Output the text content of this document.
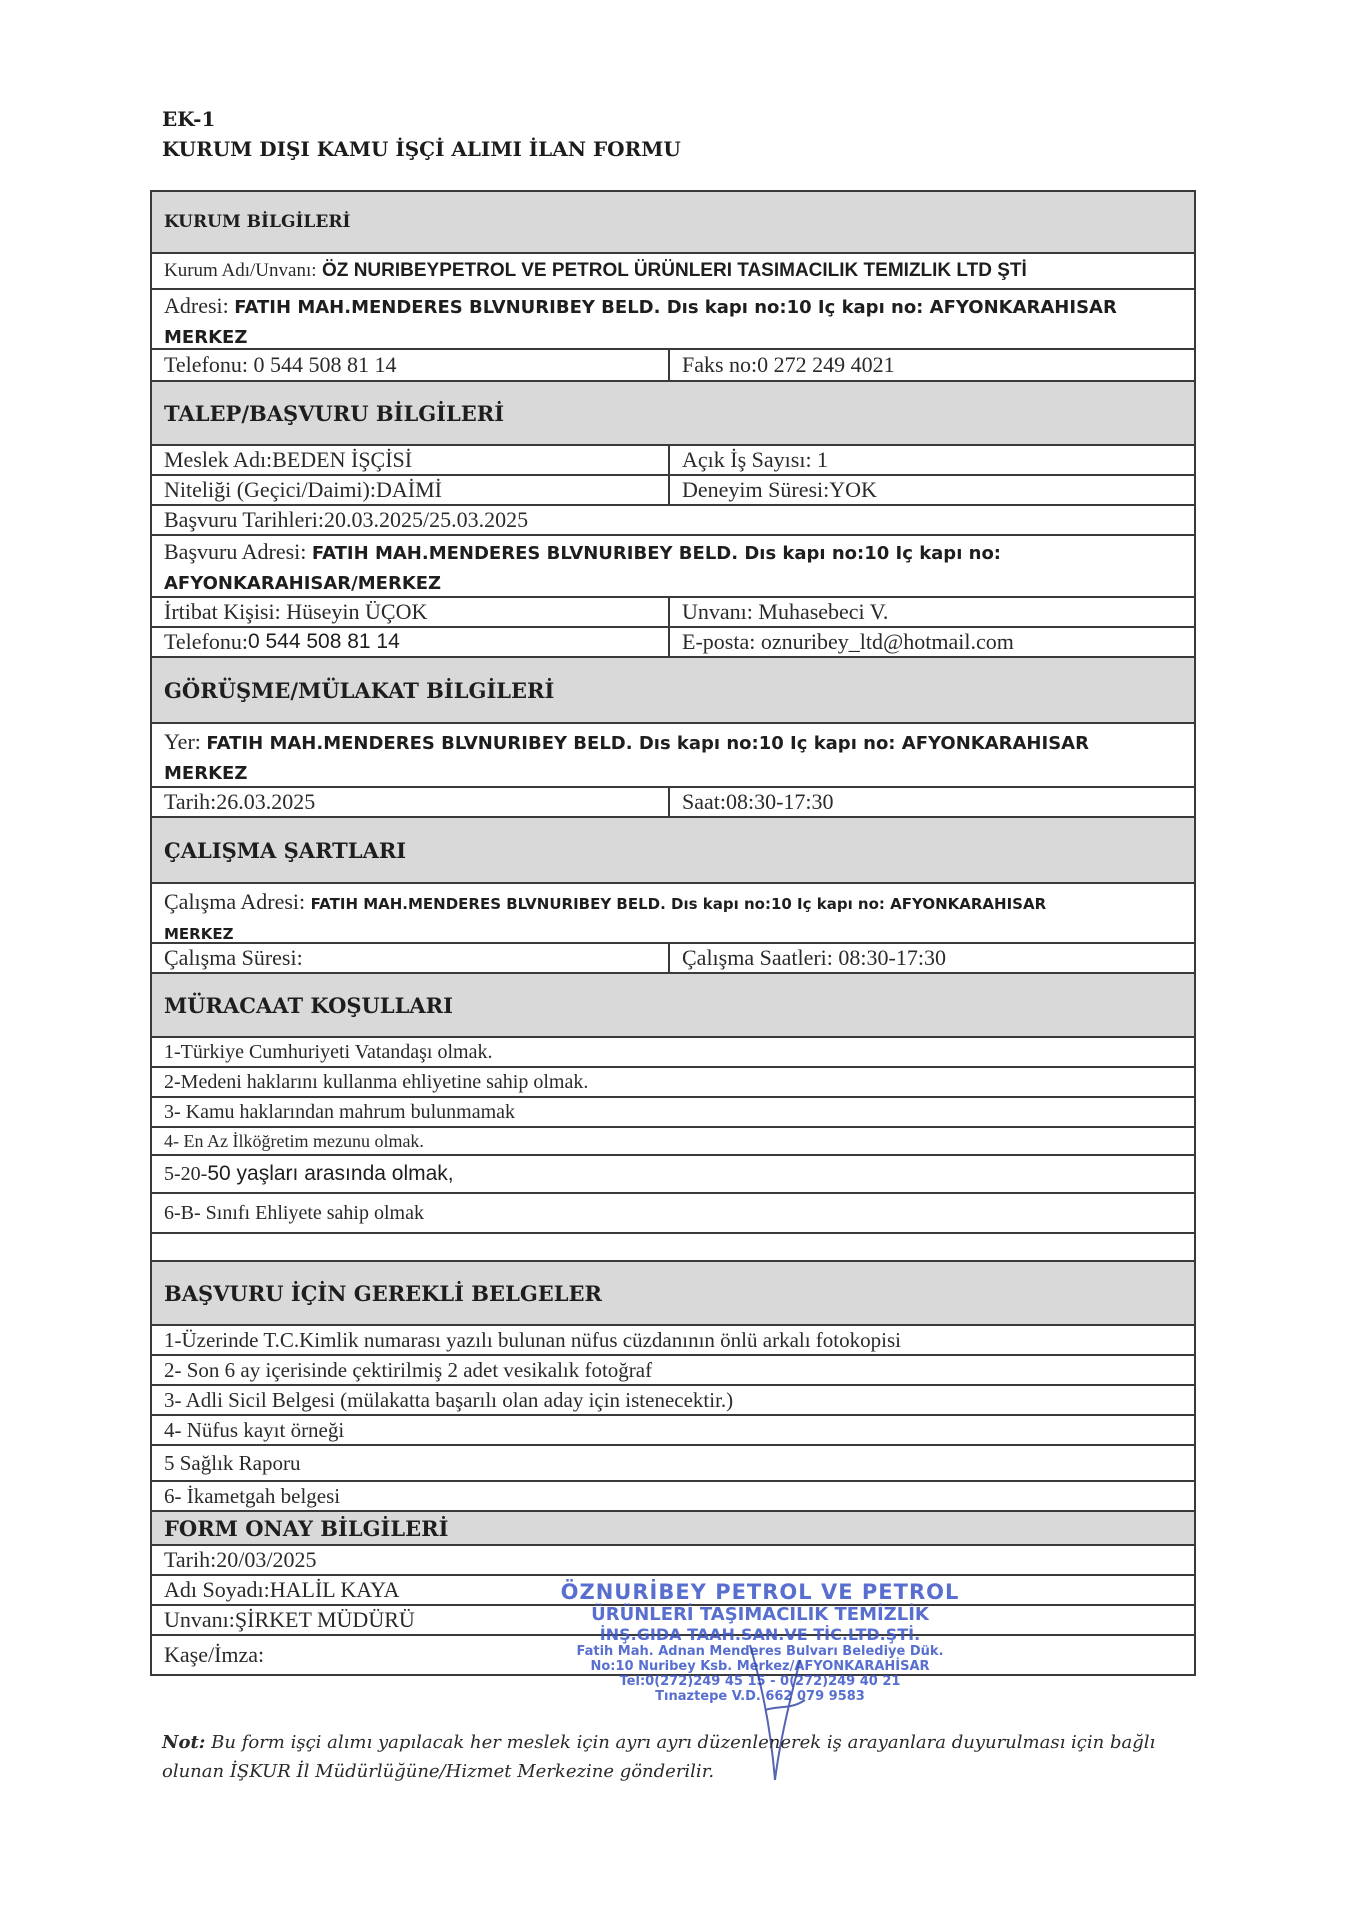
EK-1
KURUM DIŞI KAMU İŞÇİ ALIMI İLAN FORMU
KURUM BİLGİLERİ
Kurum Adı/Unvanı:
ÖZ NURIBEYPETROL VE PETROL ÜRÜNLERI TASIMACILIK TEMIZLIK LTD ŞTİ
Adresi: FATIH MAH.MENDERES BLVNURIBEY BELD. Dıs kapı no:10 Iç kapı no: AFYONKARAHISAR
MERKEZ
Telefonu: 0 544 508 81 14	Faks no:0 272 249 4021
TALEP/BAŞVURU BİLGİLERİ
Meslek Adı:BEDEN İŞÇİSİ	Açık İş Sayısı: 1
Niteliği (Geçici/Daimi):DAİMİ	Deneyim Süresi:YOK
Başvuru Tarihleri:20.03.2025/25.03.2025
Başvuru Adresi: FATIH MAH.MENDERES BLVNURIBEY BELD. Dıs kapı no:10 Iç kapı no:
AFYONKARAHISAR/MERKEZ
İrtibat Kişisi: Hüseyin ÜÇOK	Unvanı: Muhasebeci V.
Telefonu: 0 544 508 81 14	E-posta: oznuribey_ltd@hotmail.com
GÖRÜŞME/MÜLAKAT BİLGİLERİ
Yer: FATIH MAH.MENDERES BLVNURIBEY BELD. Dıs kapı no:10 Iç kapı no: AFYONKARAHISAR
MERKEZ
Tarih:26.03.2025	Saat:08:30-17:30
ÇALIŞMA ŞARTLARI
Çalışma Adresi: FATIH MAH.MENDERES BLVNURIBEY BELD. Dıs kapı no:10 Iç kapı no: AFYONKARAHISAR
MERKEZ
Çalışma Süresi:	Çalışma Saatleri: 08:30-17:30
MÜRACAAT KOŞULLARI
1-Türkiye Cumhuriyeti Vatandaşı olmak.
2-Medeni haklarını kullanma ehliyetine sahip olmak.
3- Kamu haklarından mahrum bulunmamak
4- En Az İlköğretim mezunu olmak.
5-20- 50 yaşları arasında olmak,
6-B- Sınıfı Ehliyete sahip olmak
BAŞVURU İÇİN GEREKLİ BELGELER
1-Üzerinde T.C.Kimlik numarası yazılı bulunan nüfus cüzdanının önlü arkalı fotokopisi
2- Son 6 ay içerisinde çektirilmiş 2 adet vesikalık fotoğraf
3- Adli Sicil Belgesi (mülakatta başarılı olan aday için istenecektir.)
4- Nüfus kayıt örneği
5 Sağlık Raporu
6- İkametgah belgesi
FORM ONAY BİLGİLERİ
Tarih:20/03/2025
Adı Soyadı:HALİL KAYA
Unvanı:ŞİRKET MÜDÜRÜ
Kaşe/İmza:
ÖZNURİBEY PETROL VE PETROL
ÜRÜNLERİ TAŞIMACILIK TEMİZLİK
İNŞ.GIDA TAAH.SAN.VE TİC.LTD.ŞTİ.
Fatih Mah. Adnan Menderes Bulvarı Belediye Dük.
No:10 Nuribey Ksb. Merkez/AFYONKARAHİSAR
Tel:0(272)249 45 15 - 0(272)249 40 21
Tınaztepe V.D. 662 079 9583
Not: Bu form işçi alımı yapılacak her meslek için ayrı ayrı düzenlenerek iş arayanlara duyurulması için bağlı olunan İŞKUR İl Müdürlüğüne/Hizmet Merkezine gönderilir.
